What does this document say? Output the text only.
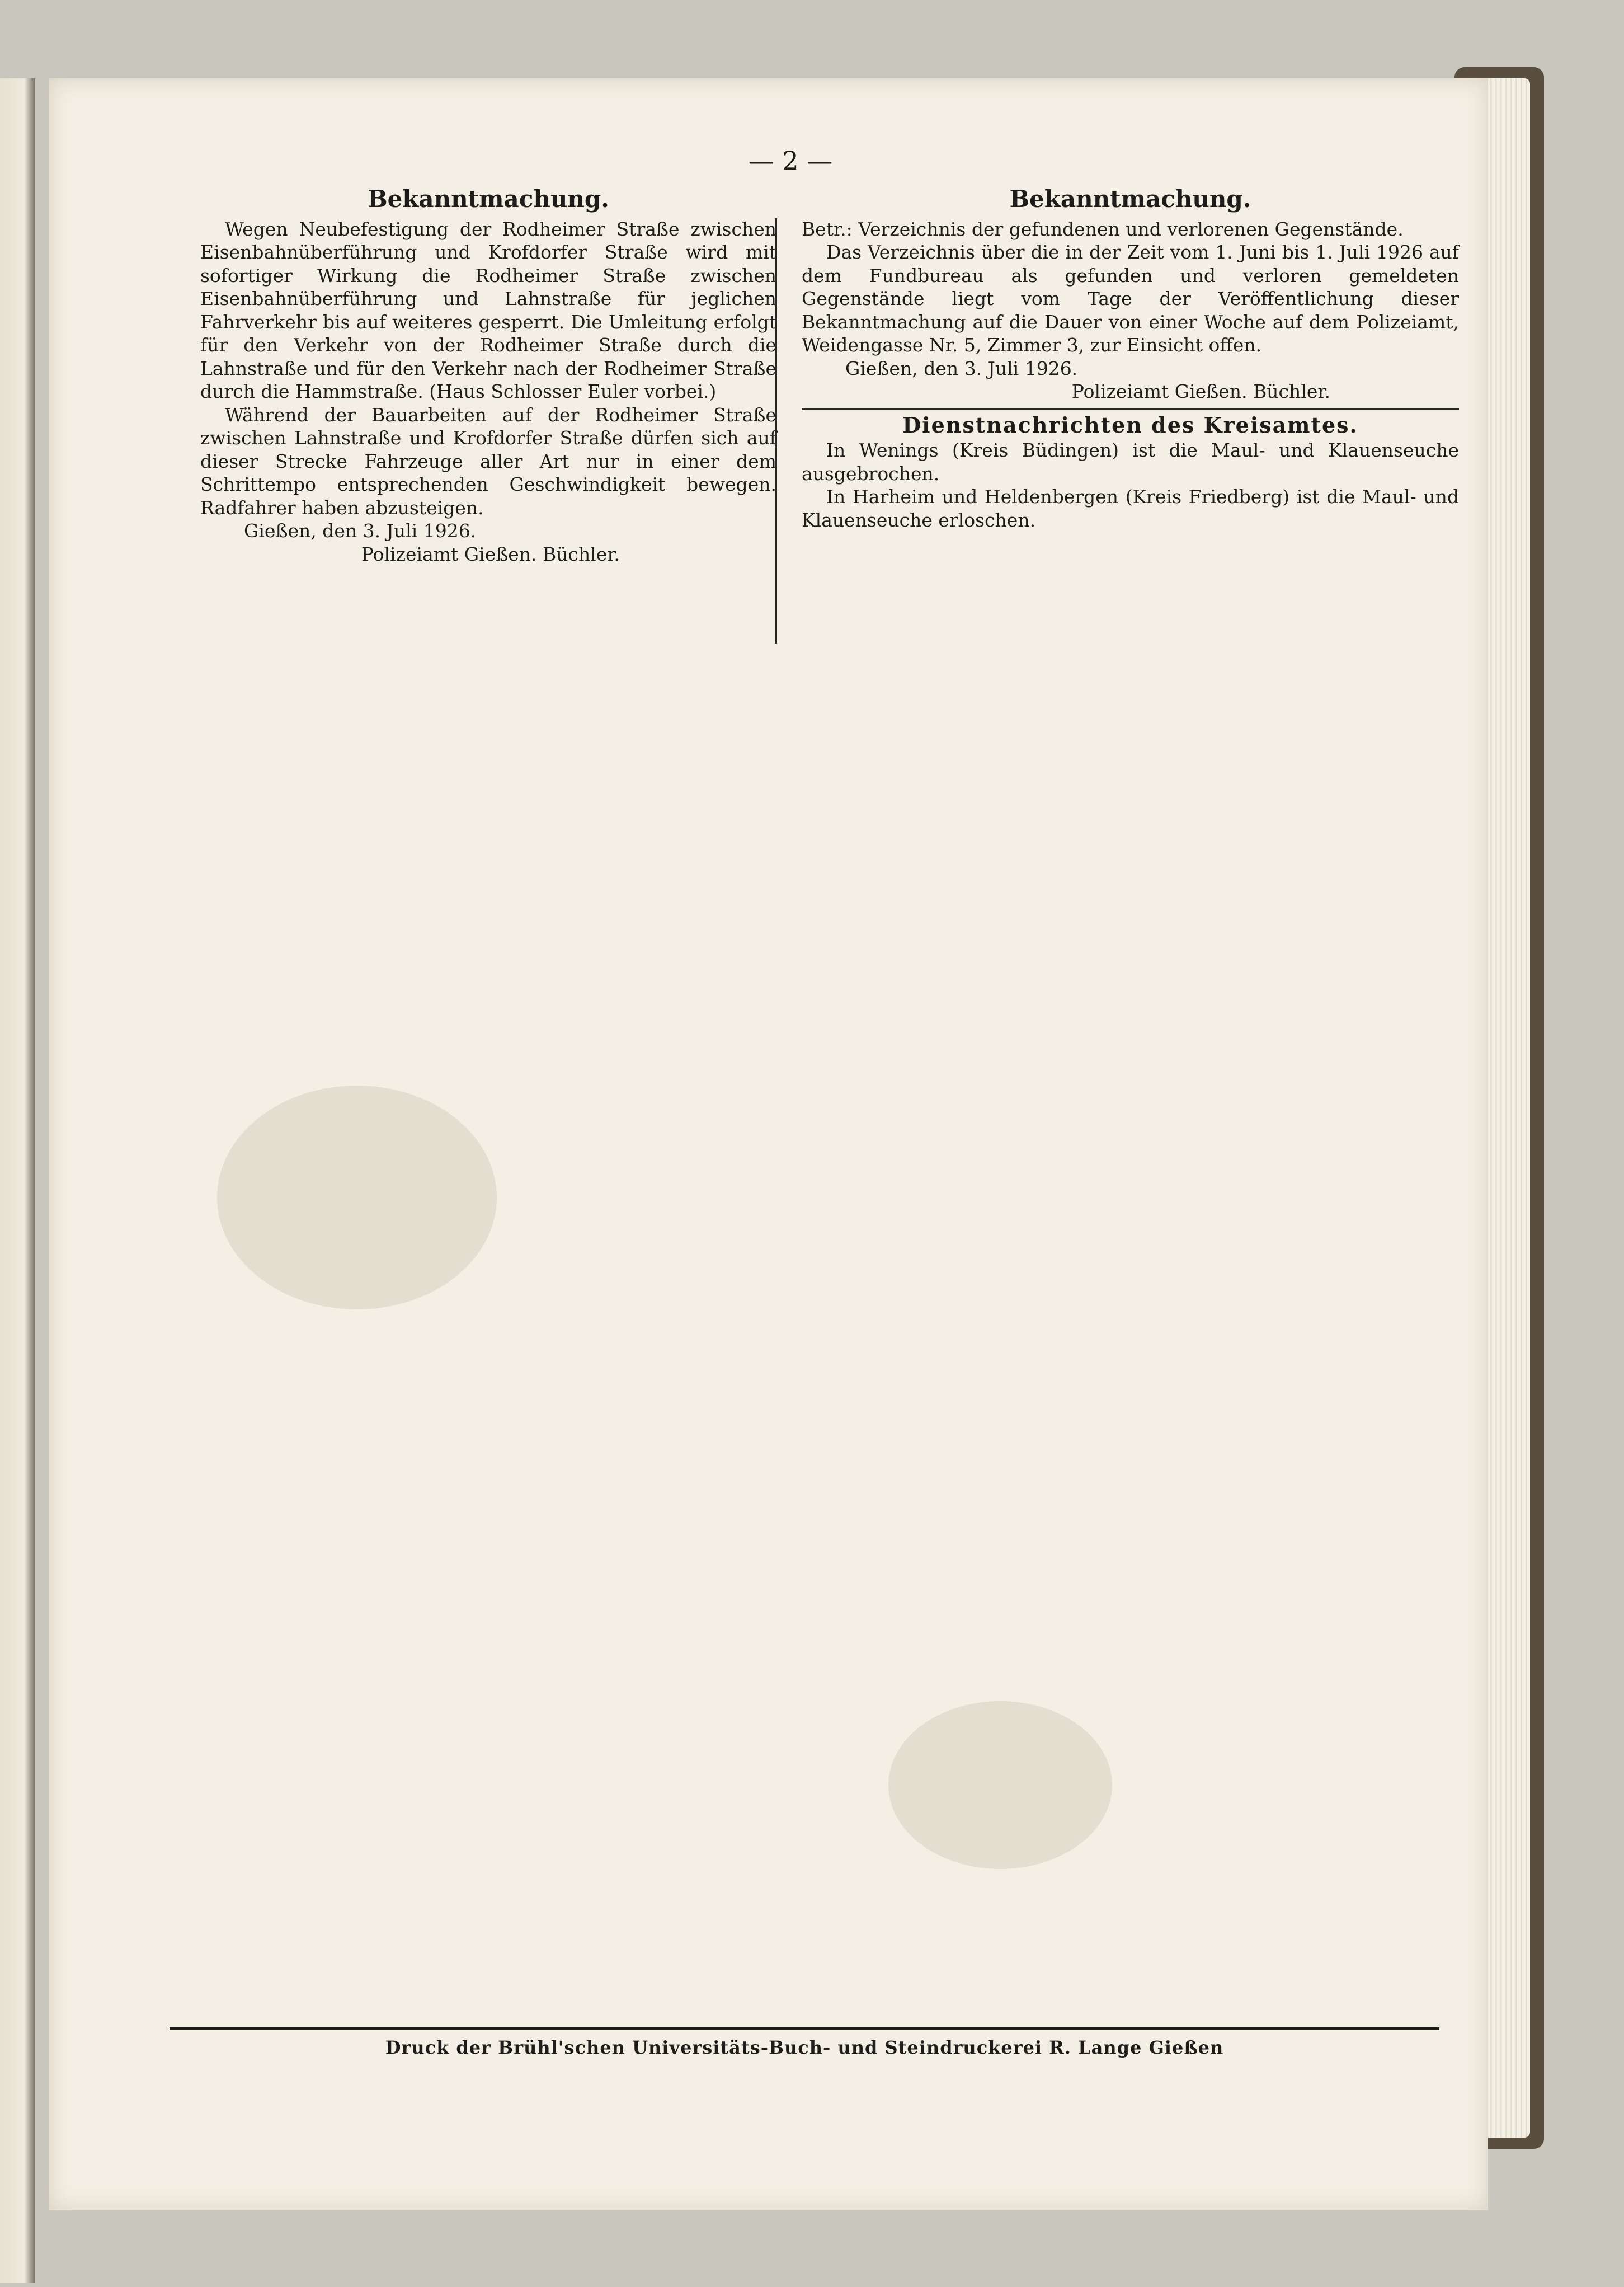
— 2 —
Bekanntmachung.

Wegen Neubefestigung der Rodheimer Straße zwischen Eisenbahnüberführung und Krofdorfer Straße wird mit sofortiger Wirkung die Rodheimer Straße zwischen Eisenbahnüberführung und Lahnstraße für jeglichen Fahrverkehr bis auf weiteres gesperrt. Die Umleitung erfolgt für den Verkehr von der Rodheimer Straße durch die Lahnstraße und für den Verkehr nach der Rodheimer Straße durch die Hammstraße. (Haus Schlosser Euler vorbei.)

Während der Bauarbeiten auf der Rodheimer Straße zwischen Lahnstraße und Krofdorfer Straße dürfen sich auf dieser Strecke Fahrzeuge aller Art nur in einer dem Schrittempo entsprechenden Geschwindigkeit bewegen. Radfahrer haben abzusteigen.

Gießen, den 3. Juli 1926.

Polizeiamt Gießen. Büchler.

Bekanntmachung.

Betr.: Verzeichnis der gefundenen und verlorenen Gegenstände.

Das Verzeichnis über die in der Zeit vom 1. Juni bis 1. Juli 1926 auf dem Fundbureau als gefunden und verloren gemeldeten Gegenstände liegt vom Tage der Veröffentlichung dieser Bekanntmachung auf die Dauer von einer Woche auf dem Polizeiamt, Weidengasse Nr. 5, Zimmer 3, zur Einsicht offen.

Gießen, den 3. Juli 1926.

Polizeiamt Gießen. Büchler.

Dienstnachrichten des Kreisamtes.

In Wenings (Kreis Büdingen) ist die Maul- und Klauenseuche ausgebrochen.

In Harheim und Heldenbergen (Kreis Friedberg) ist die Maul- und Klauenseuche erloschen.

Druck der Brühl'schen Universitäts-Buch- und Steindruckerei R. Lange Gießen
